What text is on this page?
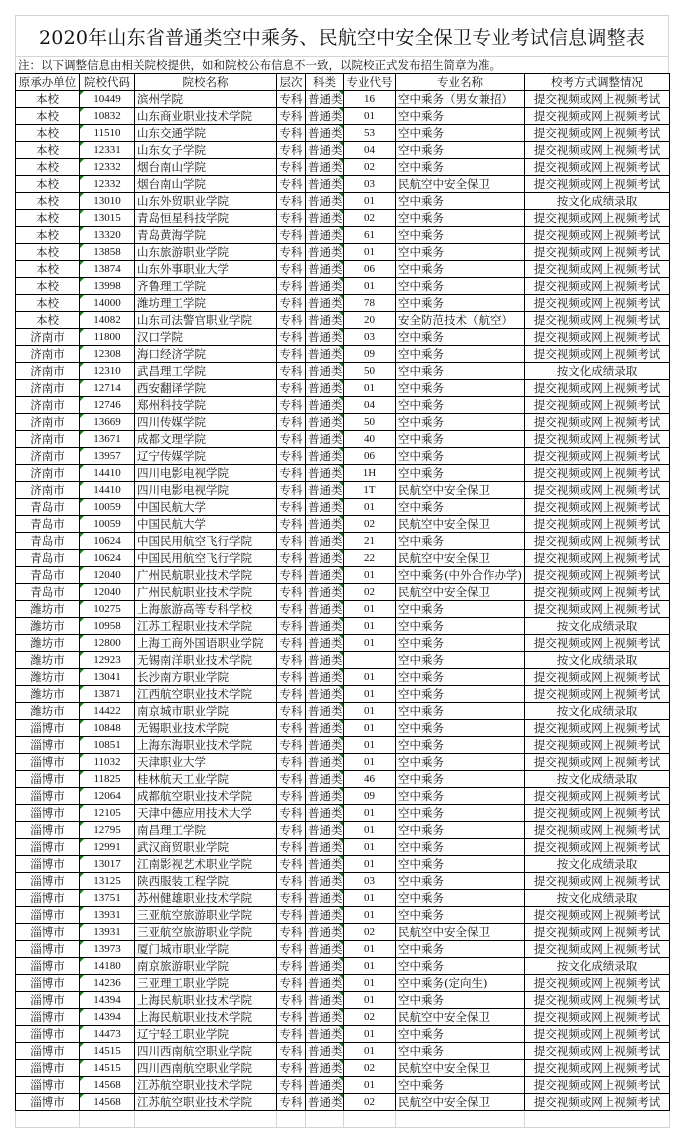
2020年山东省普通类空中乘务、民航空中安全保卫专业考试信息调整表
注：以下调整信息由相关院校提供，如和院校公布信息不一致，以院校正式发布招生简章为准。
原承办单位	院校代码	院校名称	层次	科类	专业代号	专业名称	校考方式调整情况
本校	10449	滨州学院	专科	普通类	16	空中乘务（男女兼招）	提交视频或网上视频考试
本校	10832	山东商业职业技术学院	专科	普通类	01	空中乘务	提交视频或网上视频考试
本校	11510	山东交通学院	专科	普通类	53	空中乘务	提交视频或网上视频考试
本校	12331	山东女子学院	专科	普通类	04	空中乘务	提交视频或网上视频考试
本校	12332	烟台南山学院	专科	普通类	02	空中乘务	提交视频或网上视频考试
本校	12332	烟台南山学院	专科	普通类	03	民航空中安全保卫	提交视频或网上视频考试
本校	13010	山东外贸职业学院	专科	普通类	01	空中乘务	按文化成绩录取
本校	13015	青岛恒星科技学院	专科	普通类	02	空中乘务	提交视频或网上视频考试
本校	13320	青岛黄海学院	专科	普通类	61	空中乘务	提交视频或网上视频考试
本校	13858	山东旅游职业学院	专科	普通类	01	空中乘务	提交视频或网上视频考试
本校	13874	山东外事职业大学	专科	普通类	06	空中乘务	提交视频或网上视频考试
本校	13998	齐鲁理工学院	专科	普通类	01	空中乘务	提交视频或网上视频考试
本校	14000	潍坊理工学院	专科	普通类	78	空中乘务	提交视频或网上视频考试
本校	14082	山东司法警官职业学院	专科	普通类	20	安全防范技术（航空）	提交视频或网上视频考试
济南市	11800	汉口学院	专科	普通类	03	空中乘务	提交视频或网上视频考试
济南市	12308	海口经济学院	专科	普通类	09	空中乘务	提交视频或网上视频考试
济南市	12310	武昌理工学院	专科	普通类	50	空中乘务	按文化成绩录取
济南市	12714	西安翻译学院	专科	普通类	01	空中乘务	提交视频或网上视频考试
济南市	12746	郑州科技学院	专科	普通类	04	空中乘务	提交视频或网上视频考试
济南市	13669	四川传媒学院	专科	普通类	50	空中乘务	提交视频或网上视频考试
济南市	13671	成都文理学院	专科	普通类	40	空中乘务	提交视频或网上视频考试
济南市	13957	辽宁传媒学院	专科	普通类	06	空中乘务	提交视频或网上视频考试
济南市	14410	四川电影电视学院	专科	普通类	1H	空中乘务	提交视频或网上视频考试
济南市	14410	四川电影电视学院	专科	普通类	1T	民航空中安全保卫	提交视频或网上视频考试
青岛市	10059	中国民航大学	专科	普通类	01	空中乘务	提交视频或网上视频考试
青岛市	10059	中国民航大学	专科	普通类	02	民航空中安全保卫	提交视频或网上视频考试
青岛市	10624	中国民用航空飞行学院	专科	普通类	21	空中乘务	提交视频或网上视频考试
青岛市	10624	中国民用航空飞行学院	专科	普通类	22	民航空中安全保卫	提交视频或网上视频考试
青岛市	12040	广州民航职业技术学院	专科	普通类	01	空中乘务(中外合作办学)	提交视频或网上视频考试
青岛市	12040	广州民航职业技术学院	专科	普通类	02	民航空中安全保卫	提交视频或网上视频考试
潍坊市	10275	上海旅游高等专科学校	专科	普通类	01	空中乘务	提交视频或网上视频考试
潍坊市	10958	江苏工程职业技术学院	专科	普通类	01	空中乘务	按文化成绩录取
潍坊市	12800	上海工商外国语职业学院	专科	普通类	01	空中乘务	提交视频或网上视频考试
潍坊市	12923	无锡南洋职业技术学院	专科	普通类		空中乘务	按文化成绩录取
潍坊市	13041	长沙南方职业学院	专科	普通类	01	空中乘务	提交视频或网上视频考试
潍坊市	13871	江西航空职业技术学院	专科	普通类	01	空中乘务	提交视频或网上视频考试
潍坊市	14422	南京城市职业学院	专科	普通类	01	空中乘务	按文化成绩录取
淄博市	10848	无锡职业技术学院	专科	普通类	01	空中乘务	提交视频或网上视频考试
淄博市	10851	上海东海职业技术学院	专科	普通类	01	空中乘务	提交视频或网上视频考试
淄博市	11032	天津职业大学	专科	普通类	01	空中乘务	提交视频或网上视频考试
淄博市	11825	桂林航天工业学院	专科	普通类	46	空中乘务	按文化成绩录取
淄博市	12064	成都航空职业技术学院	专科	普通类	09	空中乘务	提交视频或网上视频考试
淄博市	12105	天津中德应用技术大学	专科	普通类	01	空中乘务	提交视频或网上视频考试
淄博市	12795	南昌理工学院	专科	普通类	01	空中乘务	提交视频或网上视频考试
淄博市	12991	武汉商贸职业学院	专科	普通类	01	空中乘务	提交视频或网上视频考试
淄博市	13017	江南影视艺术职业学院	专科	普通类	01	空中乘务	按文化成绩录取
淄博市	13125	陕西服装工程学院	专科	普通类	03	空中乘务	提交视频或网上视频考试
淄博市	13751	苏州健雄职业技术学院	专科	普通类	01	空中乘务	按文化成绩录取
淄博市	13931	三亚航空旅游职业学院	专科	普通类	01	空中乘务	提交视频或网上视频考试
淄博市	13931	三亚航空旅游职业学院	专科	普通类	02	民航空中安全保卫	提交视频或网上视频考试
淄博市	13973	厦门城市职业学院	专科	普通类	01	空中乘务	提交视频或网上视频考试
淄博市	14180	南京旅游职业学院	专科	普通类	01	空中乘务	按文化成绩录取
淄博市	14236	三亚理工职业学院	专科	普通类	01	空中乘务(定向生)	提交视频或网上视频考试
淄博市	14394	上海民航职业技术学院	专科	普通类	01	空中乘务	提交视频或网上视频考试
淄博市	14394	上海民航职业技术学院	专科	普通类	02	民航空中安全保卫	提交视频或网上视频考试
淄博市	14473	辽宁轻工职业学院	专科	普通类	01	空中乘务	提交视频或网上视频考试
淄博市	14515	四川西南航空职业学院	专科	普通类	01	空中乘务	提交视频或网上视频考试
淄博市	14515	四川西南航空职业学院	专科	普通类	02	民航空中安全保卫	提交视频或网上视频考试
淄博市	14568	江苏航空职业技术学院	专科	普通类	01	空中乘务	提交视频或网上视频考试
淄博市	14568	江苏航空职业技术学院	专科	普通类	02	民航空中安全保卫	提交视频或网上视频考试
